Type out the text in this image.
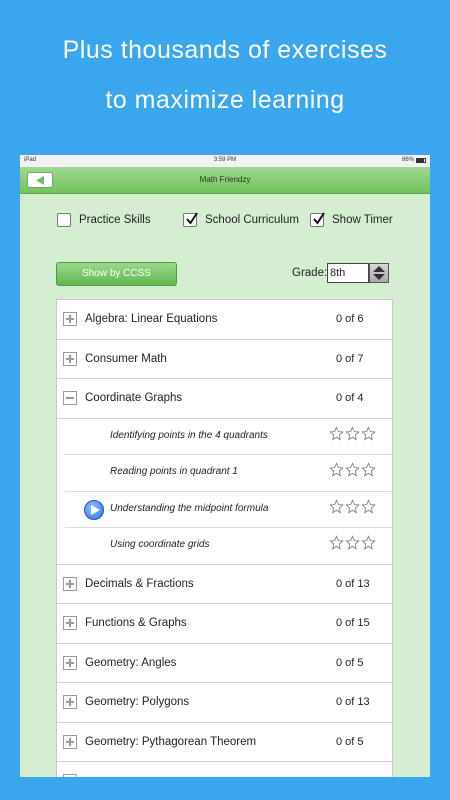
Plus thousands of exercises
to maximize learning
iPad	3:59 PM	86%
Math Friendzy
Practice Skills	School Curriculum	Show Timer
Show by CCSS	Grade: 8th
Algebra: Linear Equations	0 of 6
Consumer Math	0 of 7
Coordinate Graphs	0 of 4
Identifying points in the 4 quadrants
Reading points in quadrant 1
Understanding the midpoint formula
Using coordinate grids
Decimals & Fractions	0 of 13
Functions & Graphs	0 of 15
Geometry: Angles	0 of 5
Geometry: Polygons	0 of 13
Geometry: Pythagorean Theorem	0 of 5
